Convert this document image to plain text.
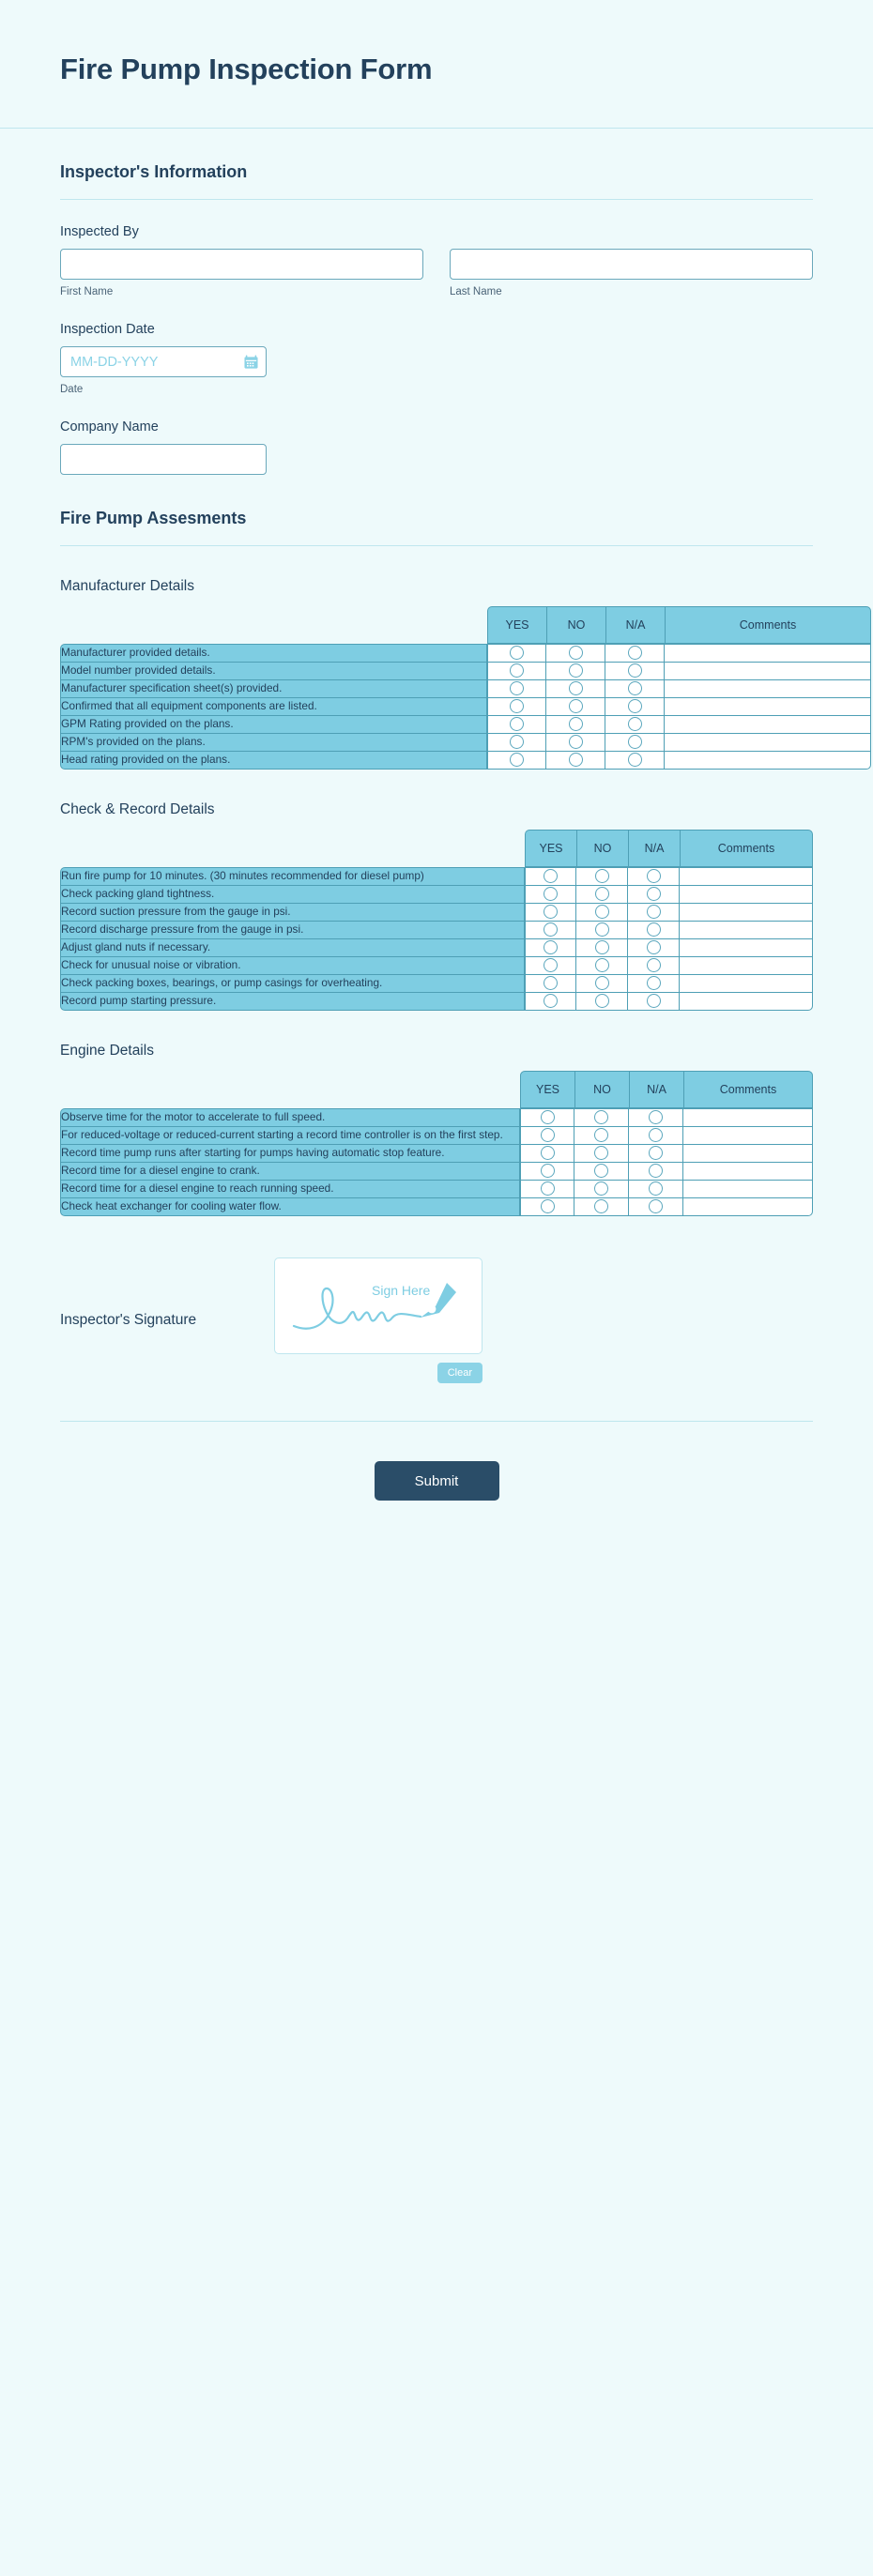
Fire Pump Inspection Form
Inspector's Information
Inspected By
First Name	Last Name
Inspection Date
MM-DD-YYYY
Date
Company Name
Fire Pump Assesments
Manufacturer Details
	YES	NO	N/A	Comments
Manufacturer provided details.				
Model number provided details.				
Manufacturer specification sheet(s) provided.				
Confirmed that all equipment components are listed.				
GPM Rating provided on the plans.				
RPM's provided on the plans.				
Head rating provided on the plans.				
Check & Record Details
	YES	NO	N/A	Comments
Run fire pump for 10 minutes. (30 minutes recommended for diesel pump)				
Check packing gland tightness.				
Record suction pressure from the gauge in psi.				
Record discharge pressure from the gauge in psi.				
Adjust gland nuts if necessary.				
Check for unusual noise or vibration.				
Check packing boxes, bearings, or pump casings for overheating.				
Record pump starting pressure.				
Engine Details
	YES	NO	N/A	Comments
Observe time for the motor to accelerate to full speed.				
For reduced-voltage or reduced-current starting a record time controller is on the first step.				
Record time pump runs after starting for pumps having automatic stop feature.				
Record time for a diesel engine to crank.				
Record time for a diesel engine to reach running speed.				
Check heat exchanger for cooling water flow.				
Inspector's Signature
Sign Here
Clear
Submit
